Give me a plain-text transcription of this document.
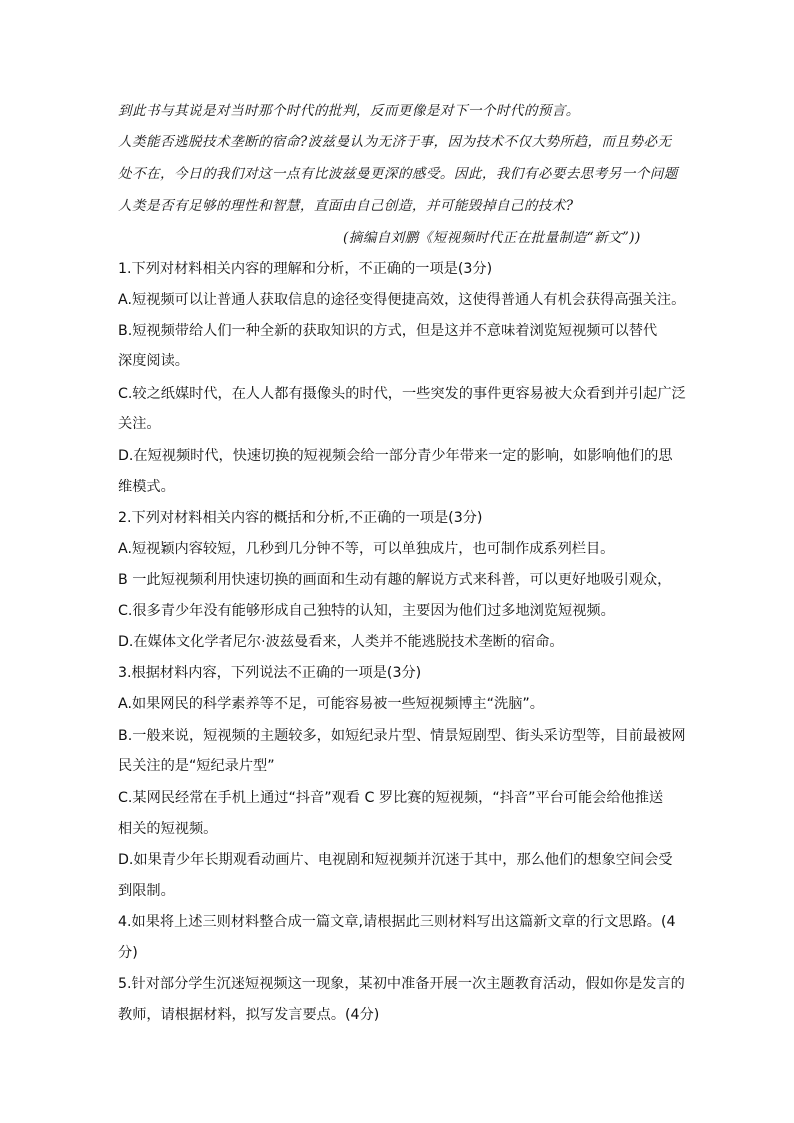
到此书与其说是对当时那个时代的批判，反而更像是对下一个时代的预言。
人类能否逃脱技术垄断的宿命?波兹曼认为无济于事，因为技术不仅大势所趋，而且势必无
处不在，今日的我们对这一点有比波兹曼更深的感受。因此，我们有必要去思考另一个问题
人类是否有足够的理性和智慧，直面由自己创造，并可能毁掉自己的技术?
(摘编自刘鹏《短视频时代正在批量制造“新文”))
1.下列对材料相关内容的理解和分析，不正确的一项是(3分)
A.短视频可以让普通人获取信息的途径变得便捷高效，这使得普通人有机会获得高强关注。
B.短视频带给人们一种全新的获取知识的方式，但是这并不意味着浏览短视频可以替代
深度阅读。
C.较之纸媒时代，在人人都有摄像头的时代，一些突发的事件更容易被大众看到并引起广泛
关注。
D.在短视频时代，快速切换的短视频会给一部分青少年带来一定的影响，如影响他们的思
维模式。
2.下列对材料相关内容的概括和分析,不正确的一项是(3分)
A.短视颖内容较短，几秒到几分钟不等，可以单独成片，也可制作成系列栏目。
B 一此短视频利用快速切换的画面和生动有趣的解说方式来科普，可以更好地吸引观众，
C.很多青少年没有能够形成自己独特的认知，主要因为他们过多地浏览短视频。
D.在媒体文化学者尼尔·波兹曼看来，人类并不能逃脱技术垄断的宿命。
3.根据材料内容，下列说法不正确的一项是(3分)
A.如果网民的科学素养等不足，可能容易被一些短视频博主“洗脑”。
B.一般来说，短视频的主题较多，如短纪录片型、情景短剧型、街头采访型等，目前最被网
民关注的是“短纪录片型”
C.某网民经常在手机上通过“抖音”观看 C 罗比赛的短视频，“抖音”平台可能会给他推送
相关的短视频。
D.如果青少年长期观看动画片、电视剧和短视频并沉迷于其中，那么他们的想象空间会受
到限制。
4.如果将上述三则材料整合成一篇文章,请根据此三则材料写出这篇新文章的行文思路。(4
分)
5.针对部分学生沉迷短视频这一现象，某初中准备开展一次主题教育活动，假如你是发言的
教师，请根据材料，拟写发言要点。(4分)
